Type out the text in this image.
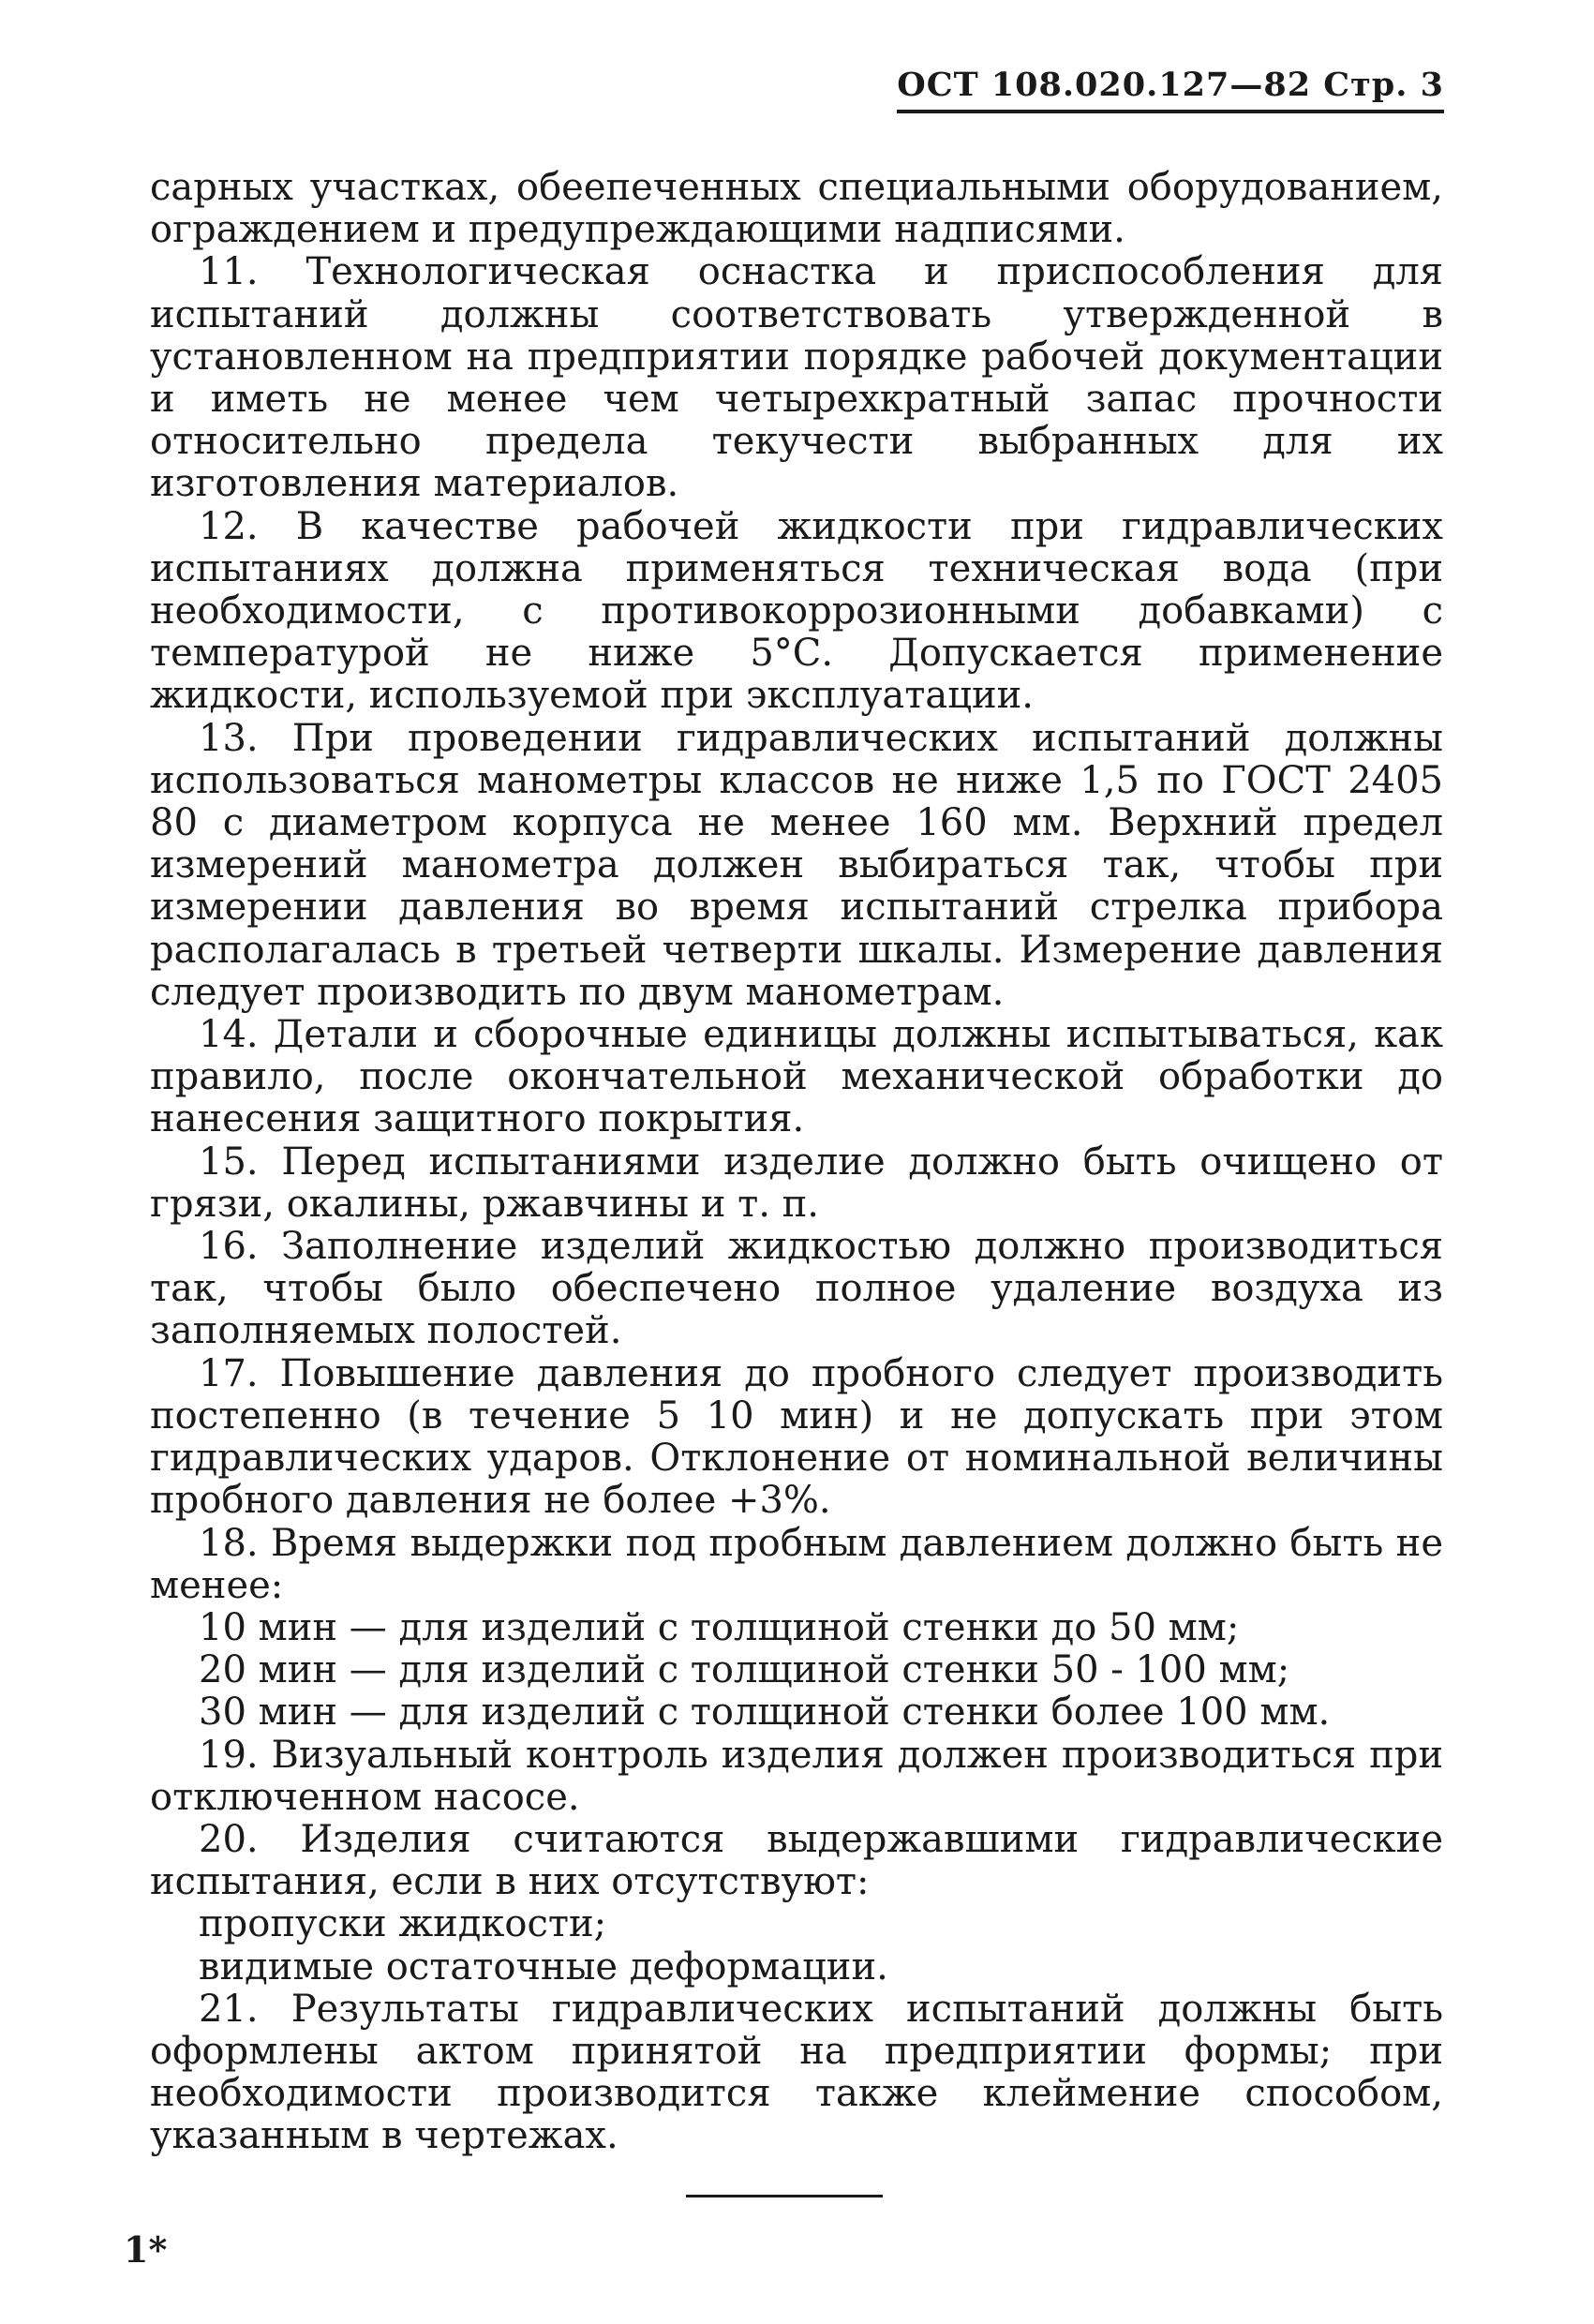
ОСТ 108.020.127—82 Стр. 3

сарных участках, обеепеченных специальными оборудованием, ограждением и предупреждающими надписями.

11. Технологическая оснастка и приспособления для испытаний должны соответствовать утвержденной в установленном на предприятии порядке рабочей документации и иметь не менее чем четырехкратный запас прочности относительно предела текучести выбранных для их изготовления материалов.

12. В качестве рабочей жидкости при гидравлических испытаниях должна применяться техническая вода (при необходимости, с противокоррозионными добавками) с температурой не ниже 5°С. Допускается применение жидкости, используемой при эксплуатации.

13. При проведении гидравлических испытаний должны использоваться манометры классов не ниже 1,5 по ГОСТ 2405 80 с диаметром корпуса не менее 160 мм. Верхний предел измерений манометра должен выбираться так, чтобы при измерении давления во время испытаний стрелка прибора располагалась в третьей четверти шкалы. Измерение давления следует производить по двум манометрам.

14. Детали и сборочные единицы должны испытываться, как правило, после окончательной механической обработки до нанесения защитного покрытия.

15. Перед испытаниями изделие должно быть очищено от грязи, окалины, ржавчины и т. п.

16. Заполнение изделий жидкостью должно производиться так, чтобы было обеспечено полное удаление воздуха из заполняемых полостей.

17. Повышение давления до пробного следует производить постепенно (в течение 5 10 мин) и не допускать при этом гидравлических ударов. Отклонение от номинальной величины пробного давления не более +3%.

18. Время выдержки под пробным давлением должно быть не менее:

10 мин — для изделий с толщиной стенки до 50 мм;

20 мин — для изделий с толщиной стенки 50 - 100 мм;

30 мин — для изделий с толщиной стенки более 100 мм.

19. Визуальный контроль изделия должен производиться при отключенном насосе.

20. Изделия считаются выдержавшими гидравлические испытания, если в них отсутствуют:

пропуски жидкости;

видимые остаточные деформации.

21. Результаты гидравлических испытаний должны быть оформлены актом принятой на предприятии формы; при необходимости производится также клеймение способом, указанным в чертежах.

1*
